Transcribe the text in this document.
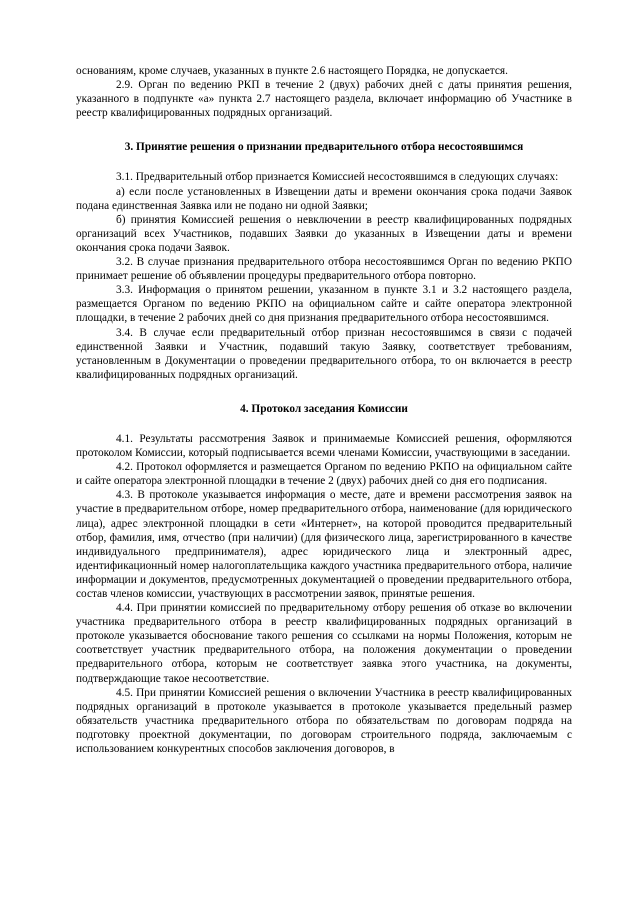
основаниям, кроме случаев, указанных в пункте 2.6 настоящего Порядка, не допускается.

2.9. Орган по ведению РКП в течение 2 (двух) рабочих дней с даты принятия решения, указанного в подпункте «а» пункта 2.7 настоящего раздела, включает информацию об Участнике в реестр квалифицированных подрядных организаций.

3. Принятие решения о признании предварительного отбора несостоявшимся

3.1. Предварительный отбор признается Комиссией несостоявшимся в следующих случаях:

а) если после установленных в Извещении даты и времени окончания срока подачи Заявок подана единственная Заявка или не подано ни одной Заявки;

б) принятия Комиссией решения о невключении в реестр квалифицированных подрядных организаций всех Участников, подавших Заявки до указанных в Извещении даты и времени окончания срока подачи Заявок.

3.2. В случае признания предварительного отбора несостоявшимся Орган по ведению РКПО принимает решение об объявлении процедуры предварительного отбора повторно.

3.3. Информация о принятом решении, указанном в пункте 3.1 и 3.2 настоящего раздела, размещается Органом по ведению РКПО на официальном сайте и сайте оператора электронной площадки, в течение 2 рабочих дней со дня признания предварительного отбора несостоявшимся.

3.4. В случае если предварительный отбор признан несостоявшимся в связи с подачей единственной Заявки и Участник, подавший такую Заявку, соответствует требованиям, установленным в Документации о проведении предварительного отбора, то он включается в реестр квалифицированных подрядных организаций.

4. Протокол заседания Комиссии

4.1. Результаты рассмотрения Заявок и принимаемые Комиссией решения, оформляются протоколом Комиссии, который подписывается всеми членами Комиссии, участвующими в заседании.

4.2. Протокол оформляется и размещается Органом по ведению РКПО на официальном сайте и сайте оператора электронной площадки в течение 2 (двух) рабочих дней со дня его подписания.

4.3. В протоколе указывается информация о месте, дате и времени рассмотрения заявок на участие в предварительном отборе, номер предварительного отбора, наименование (для юридического лица), адрес электронной площадки в сети «Интернет», на которой проводится предварительный отбор, фамилия, имя, отчество (при наличии) (для физического лица, зарегистрированного в качестве индивидуального предпринимателя), адрес юридического лица и электронный адрес, идентификационный номер налогоплательщика каждого участника предварительного отбора, наличие информации и документов, предусмотренных документацией о проведении предварительного отбора, состав членов комиссии, участвующих в рассмотрении заявок, принятые решения.

4.4. При принятии комиссией по предварительному отбору решения об отказе во включении участника предварительного отбора в реестр квалифицированных подрядных организаций в протоколе указывается обоснование такого решения со ссылками на нормы Положения, которым не соответствует участник предварительного отбора, на положения документации о проведении предварительного отбора, которым не соответствует заявка этого участника, на документы, подтверждающие такое несоответствие.

4.5. При принятии Комиссией решения о включении Участника в реестр квалифицированных подрядных организаций в протоколе указывается в протоколе указывается предельный размер обязательств участника предварительного отбора по обязательствам по договорам подряда на подготовку проектной документации, по договорам строительного подряда, заключаемым с использованием конкурентных способов заключения договоров, в
